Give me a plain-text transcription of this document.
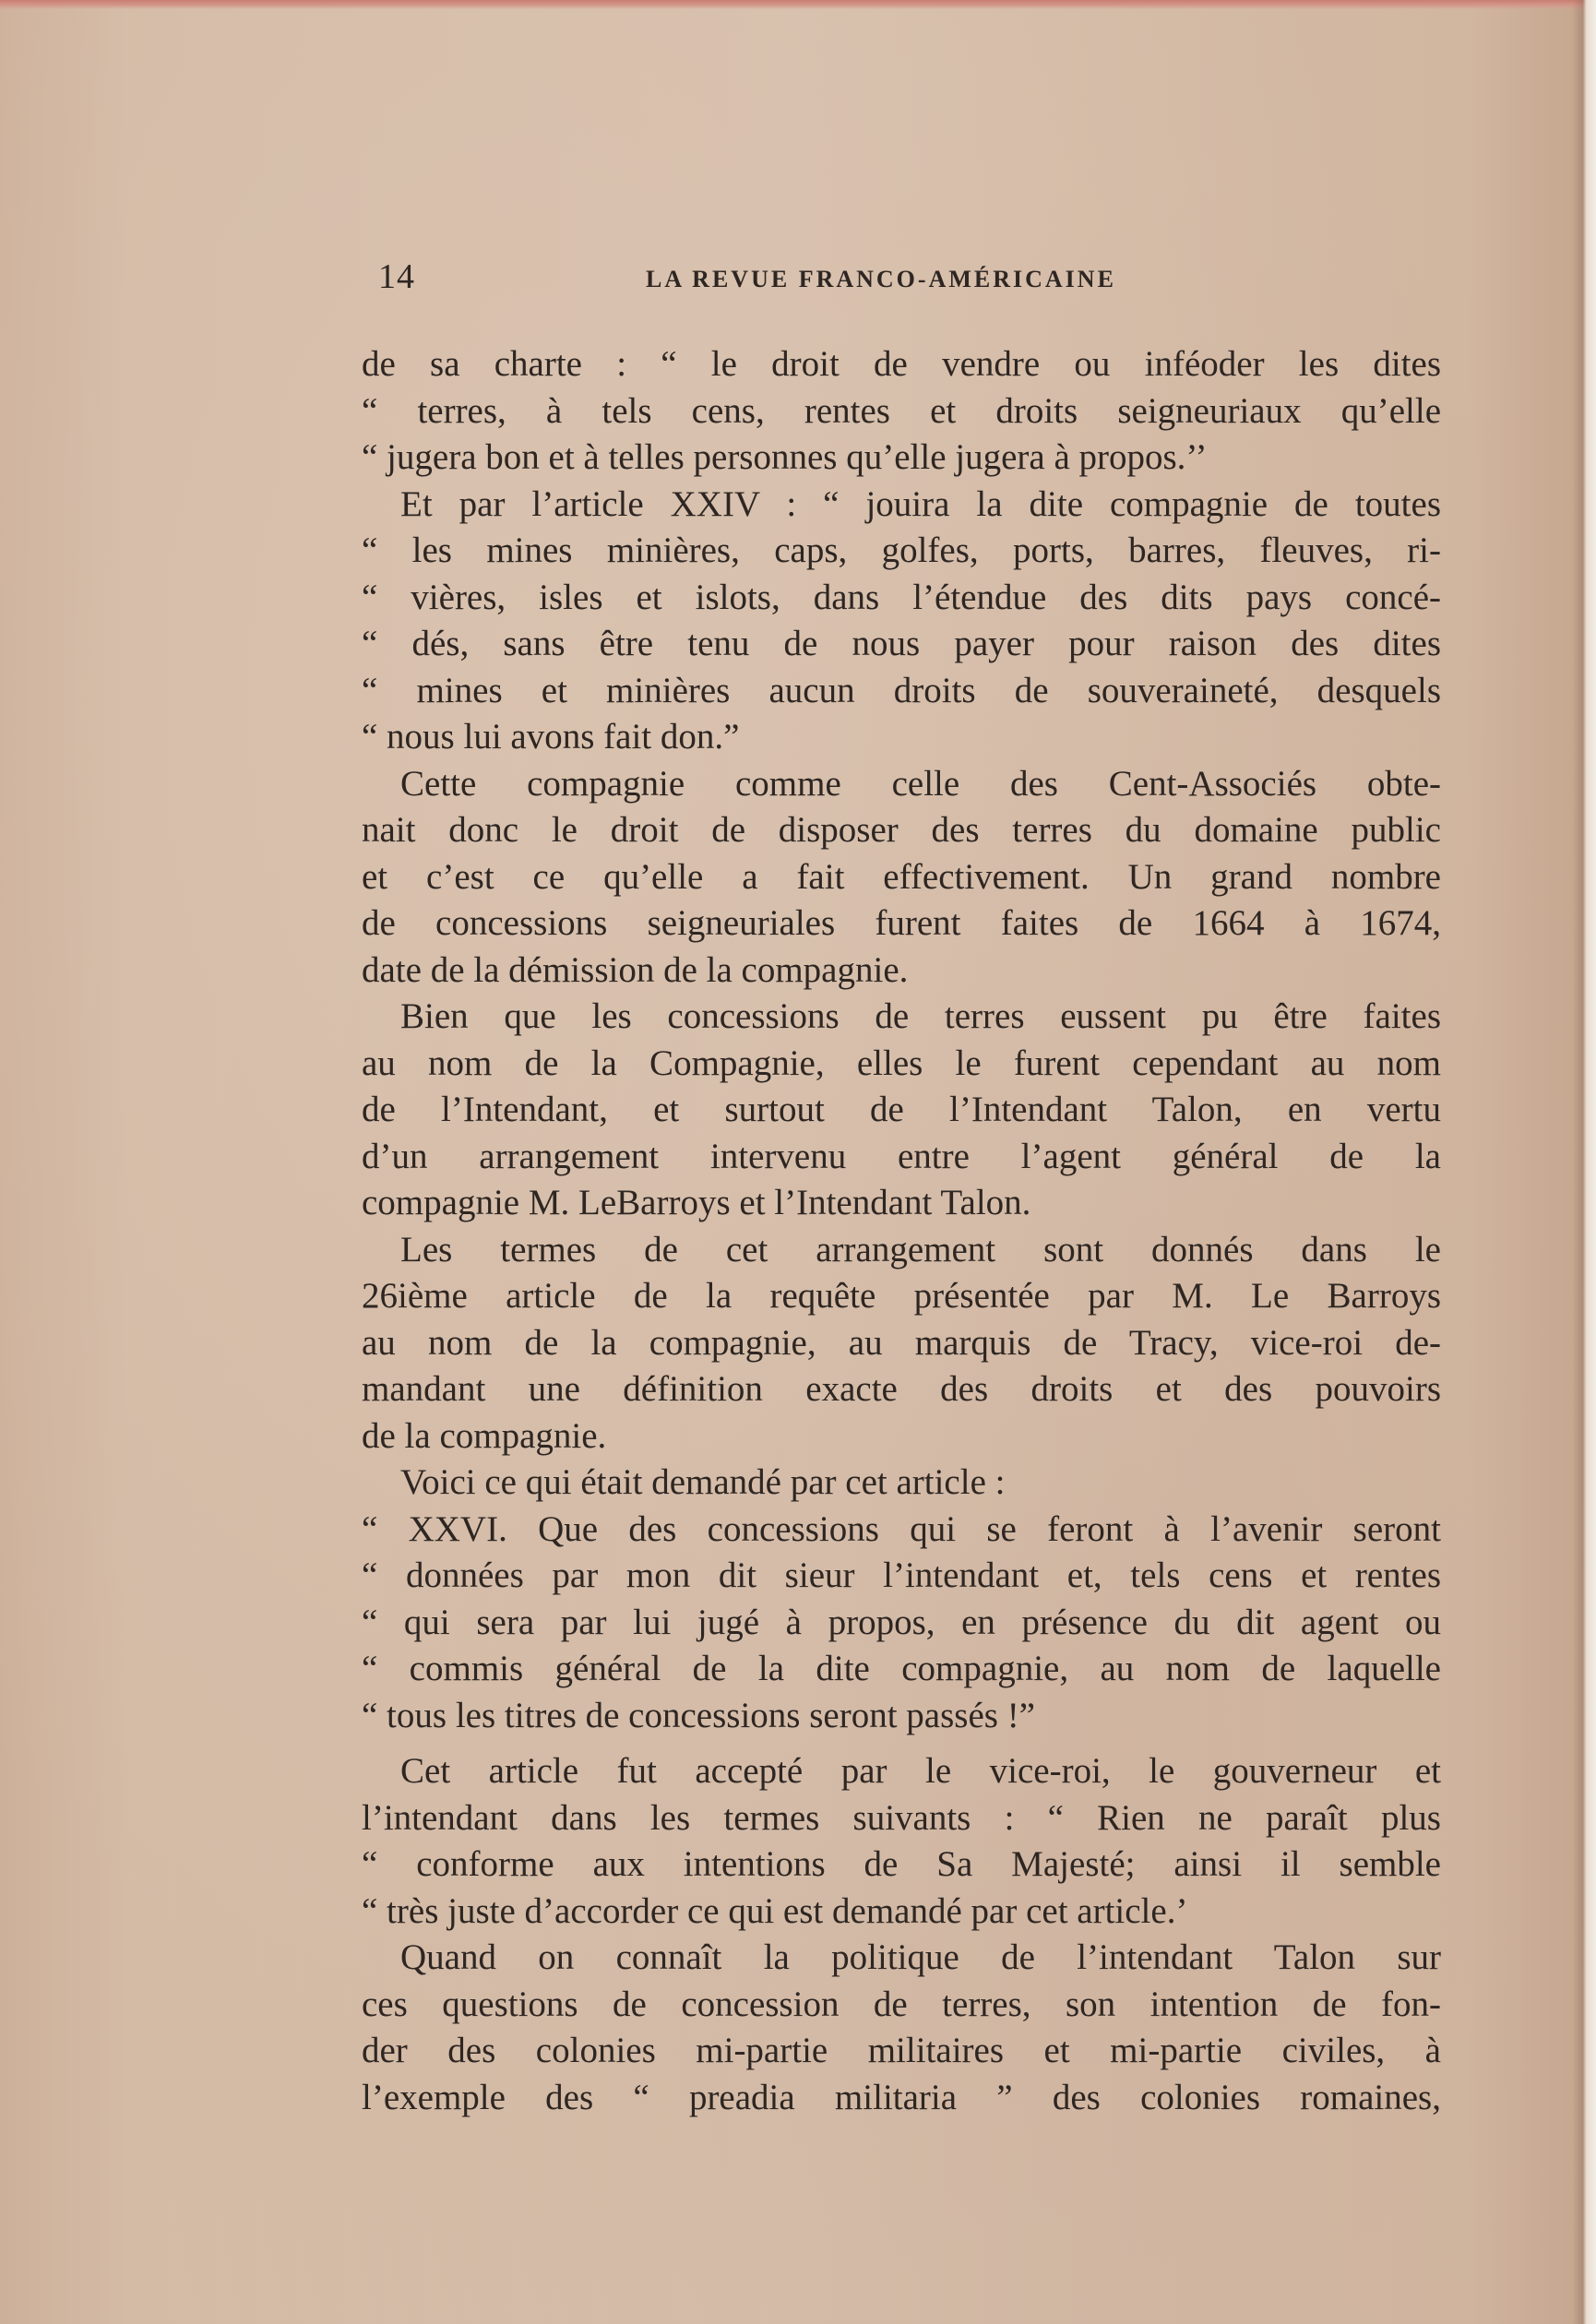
14	LA REVUE FRANCO-AMÉRICAINE
de sa charte : “ le droit de vendre ou inféoder les dites
“ terres, à tels cens, rentes et droits seigneuriaux qu’elle
“ jugera bon et à telles personnes qu’elle jugera à propos.’’
Et par l’article XXIV : “ jouira la dite compagnie de toutes
“ les mines minières, caps, golfes, ports, barres, fleuves, ri-
“ vières, isles et islots, dans l’étendue des dits pays concé-
“ dés, sans être tenu de nous payer pour raison des dites
“ mines et minières aucun droits de souveraineté, desquels
“ nous lui avons fait don.”
Cette compagnie comme celle des Cent-Associés obte-
nait donc le droit de disposer des terres du domaine public
et c’est ce qu’elle a fait effectivement. Un grand nombre
de concessions seigneuriales furent faites de 1664 à 1674,
date de la démission de la compagnie.
Bien que les concessions de terres eussent pu être faites
au nom de la Compagnie, elles le furent cependant au nom
de l’Intendant, et surtout de l’Intendant Talon, en vertu
d’un arrangement intervenu entre l’agent général de la
compagnie M. LeBarroys et l’Intendant Talon.
Les termes de cet arrangement sont donnés dans le
26ième article de la requête présentée par M. Le Barroys
au nom de la compagnie, au marquis de Tracy, vice-roi de-
mandant une définition exacte des droits et des pouvoirs
de la compagnie.
Voici ce qui était demandé par cet article :
“ XXVI. Que des concessions qui se feront à l’avenir seront
“ données par mon dit sieur l’intendant et, tels cens et rentes
“ qui sera par lui jugé à propos, en présence du dit agent ou
“ commis général de la dite compagnie, au nom de laquelle
“ tous les titres de concessions seront passés !”
Cet article fut accepté par le vice-roi, le gouverneur et
l’intendant dans les termes suivants : “ Rien ne paraît plus
“ conforme aux intentions de Sa Majesté; ainsi il semble
“ très juste d’accorder ce qui est demandé par cet article.’
Quand on connaît la politique de l’intendant Talon sur
ces questions de concession de terres, son intention de fon-
der des colonies mi-partie militaires et mi-partie civiles, à
l’exemple des “ preadia militaria ” des colonies romaines,
